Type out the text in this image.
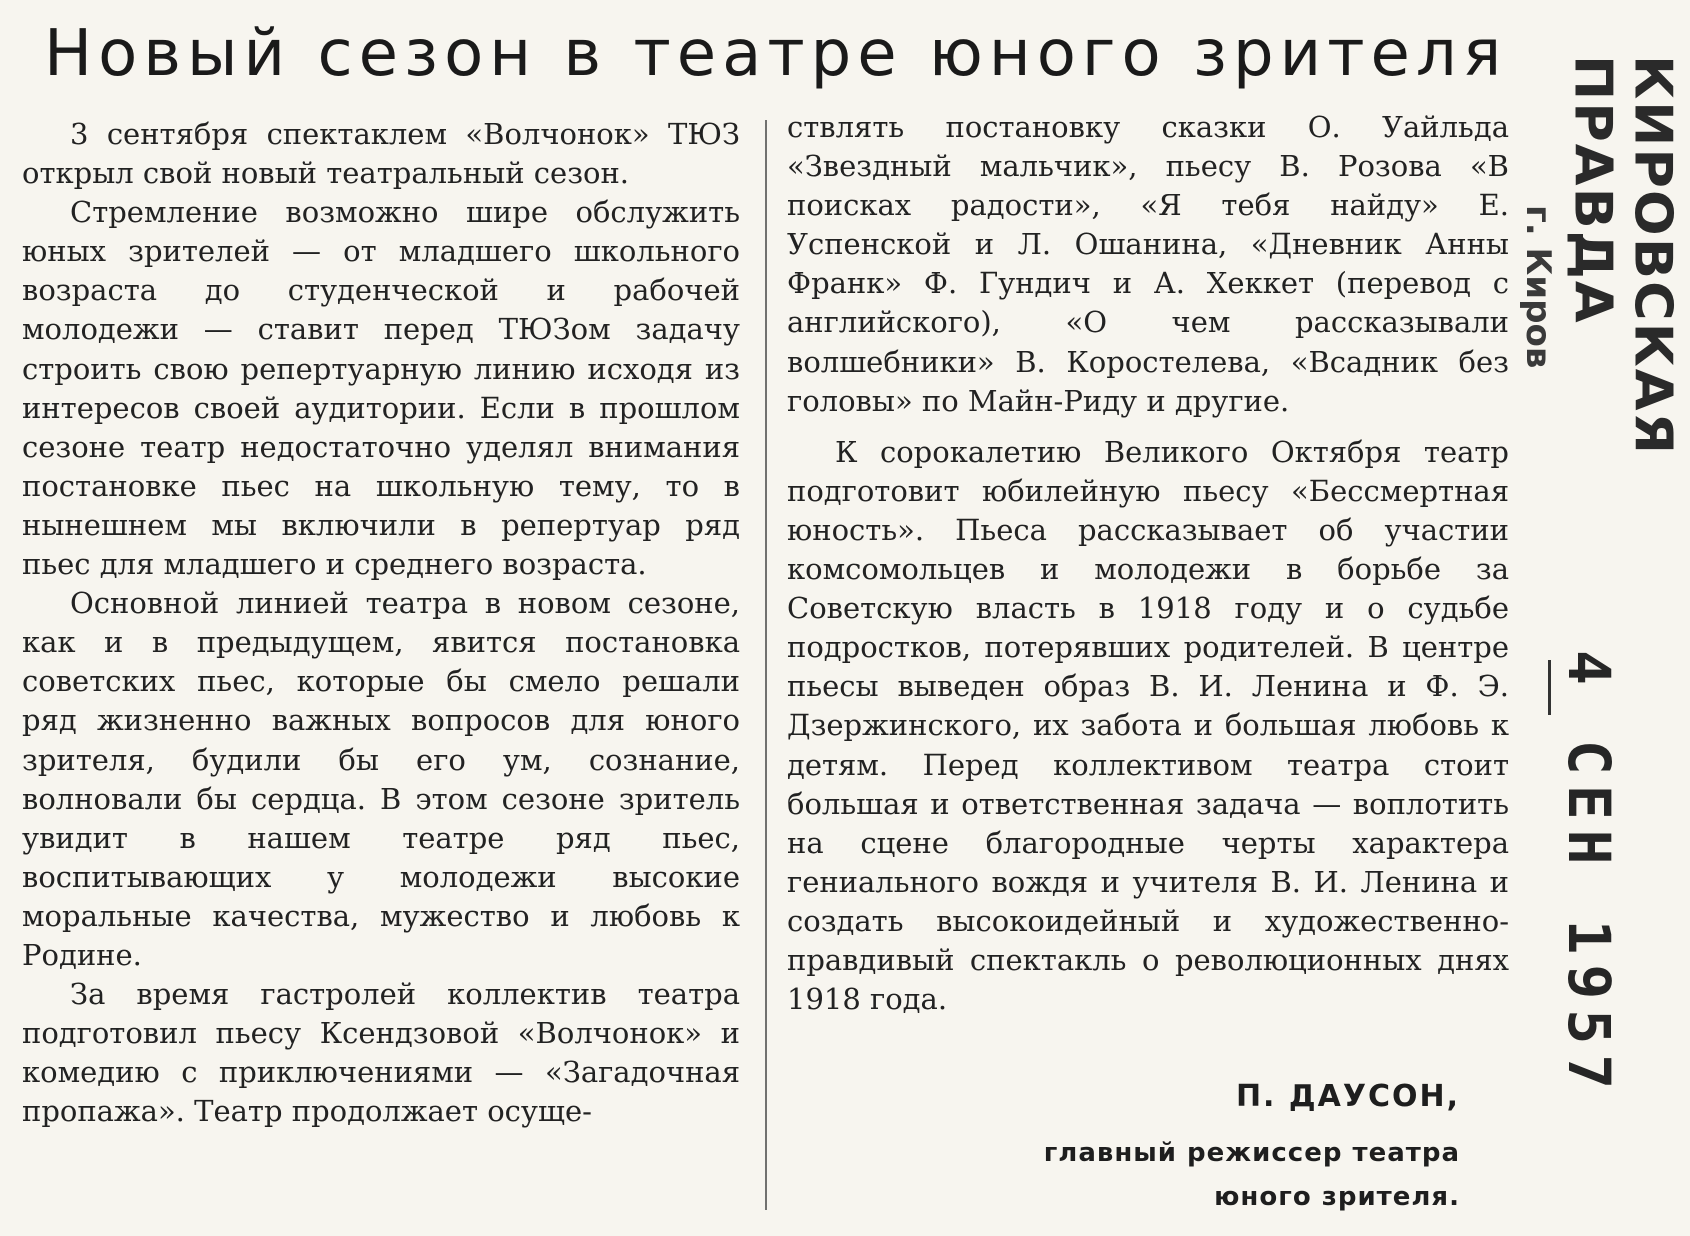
Новый сезон в театре юного зрителя

3 сентября спектаклем «Волчонок» ТЮЗ открыл свой новый театральный сезон.

Стремление возможно шире обслужить юных зрителей — от младшего школьного возраста до студенческой и рабочей молодежи — ставит перед ТЮЗом задачу строить свою репертуарную линию исходя из интересов своей аудитории. Если в прошлом сезоне театр недостаточно уделял внимания постановке пьес на школьную тему, то в нынешнем мы включили в репертуар ряд пьес для младшего и среднего возраста.

Основной линией театра в новом сезоне, как и в предыдущем, явится постановка советских пьес, которые бы смело решали ряд жизненно важных вопросов для юного зрителя, будили бы его ум, сознание, волновали бы сердца. В этом сезоне зритель увидит в нашем театре ряд пьес, воспитывающих у молодежи высокие моральные качества, мужество и любовь к Родине.

За время гастролей коллектив театра подготовил пьесу Ксендзовой «Волчонок» и комедию с приключениями — «Загадочная пропажа». Театр продолжает осуще-

ствлять постановку сказки О. Уайльда «Звездный мальчик», пьесу В. Розова «В поисках радости», «Я тебя найду» Е. Успенской и Л. Ошанина, «Дневник Анны Франк» Ф. Гундич и А. Хеккет (перевод с английского), «О чем рассказывали волшебники» В. Коростелева, «Всадник без головы» по Майн-Риду и другие.

К сорокалетию Великого Октября театр подготовит юбилейную пьесу «Бессмертная юность». Пьеса рассказывает об участии комсомольцев и молодежи в борьбе за Советскую власть в 1918 году и о судьбе подростков, потерявших родителей. В центре пьесы выведен образ В. И. Ленина и Ф. Э. Дзержинского, их забота и большая любовь к детям. Перед коллективом театра стоит большая и ответственная задача — воплотить на сцене благородные черты характера гениального вождя и учителя В. И. Ленина и создать высокоидейный и художественно-правдивый спектакль о революционных днях 1918 года.

П. ДАУСОН,

главный режиссер театра

юного зрителя.

КИРОВСКАЯ ПРАВДА
г. Киров
4 СЕН 1957
